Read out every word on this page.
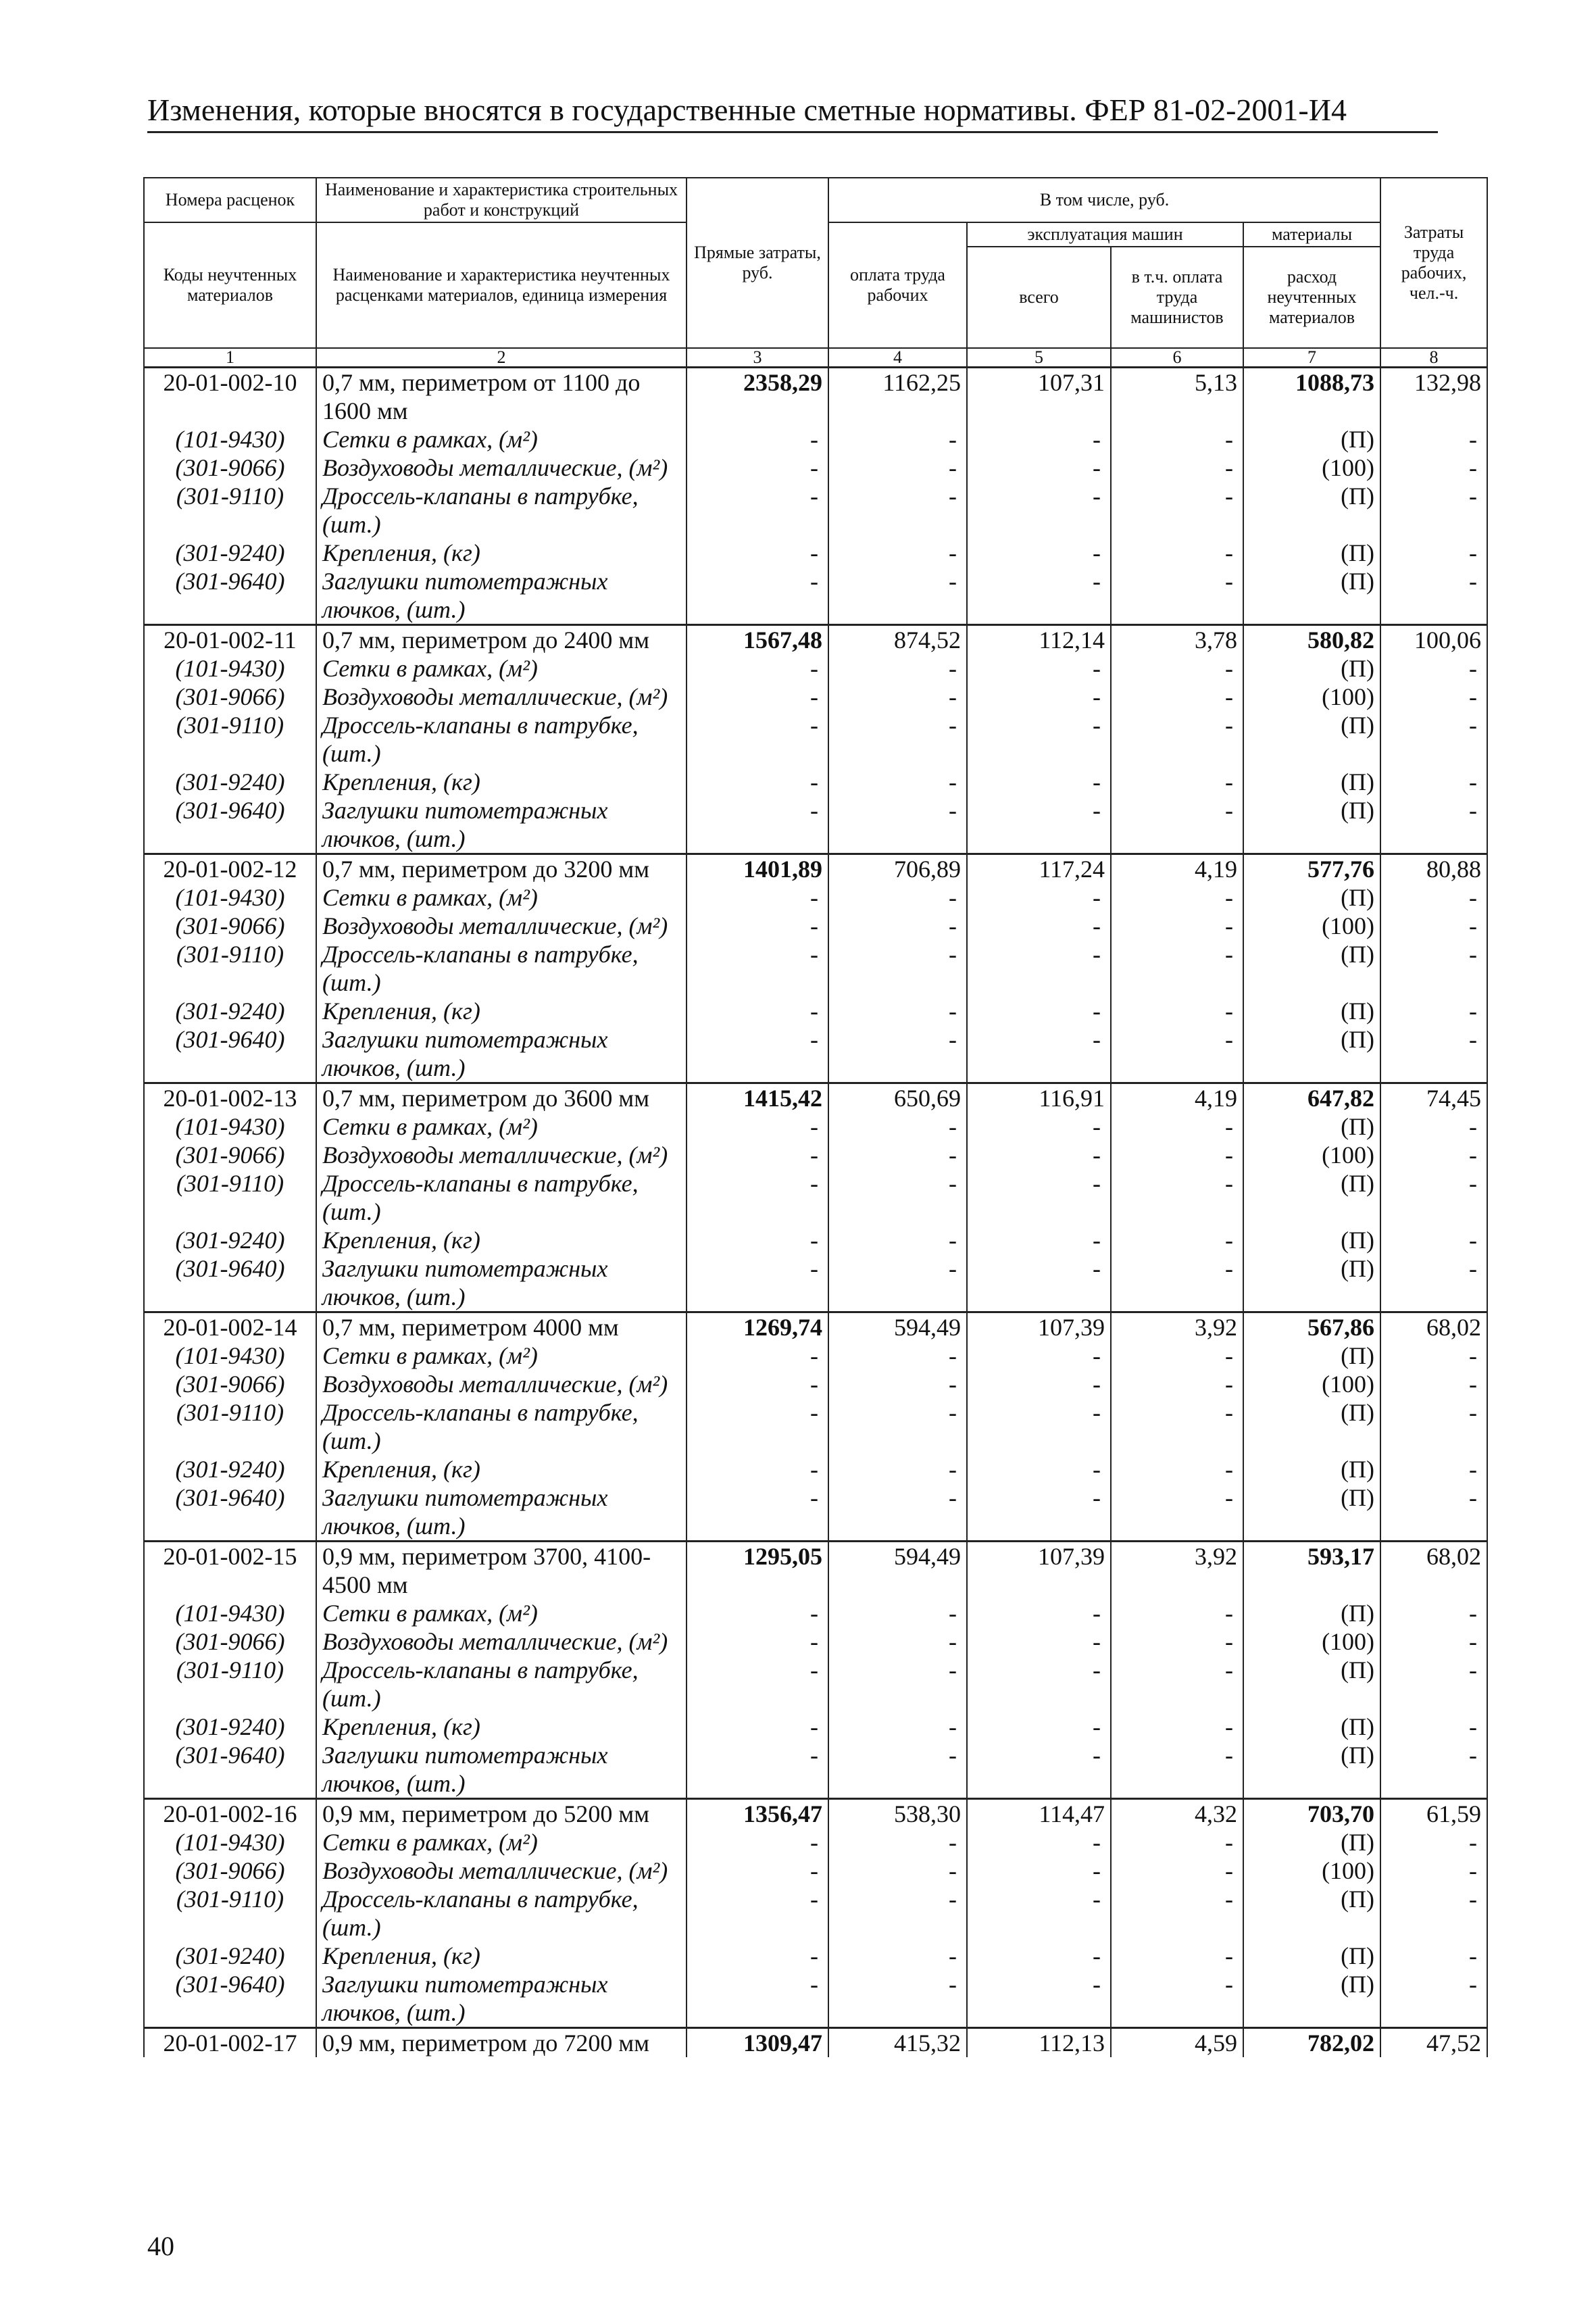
Изменения, которые вносятся в государственные сметные нормативы. ФЕР 81-02-2001-И4
Номера расценок	Наименование и характеристика строительных работ и конструкций	Прямые затраты, руб.	В том числе, руб.				Затраты труда рабочих, чел.-ч.
Коды неучтенных материалов	Наименование и характеристика неучтенных расценками материалов, единица измерения		оплата труда рабочих	эксплуатация машин		материалы	
				всего	в т.ч. оплата труда машинистов	расход неучтенных материалов	
1	2	3	4	5	6	7	8
20-01-002-10	0,7 мм, периметром от 1100 до 1600 мм	2358,29	1162,25	107,31	5,13	1088,73	132,98
(101-9430)	Сетки в рамках, (м²)	-	-	-	-	(П)	-
(301-9066)	Воздуховоды металлические, (м²)	-	-	-	-	(100)	-
(301-9110)	Дроссель-клапаны в патрубке, (шт.)	-	-	-	-	(П)	-
(301-9240)	Крепления, (кг)	-	-	-	-	(П)	-
(301-9640)	Заглушки питометражных лючков, (шт.)	-	-	-	-	(П)	-
20-01-002-11	0,7 мм, периметром до 2400 мм	1567,48	874,52	112,14	3,78	580,82	100,06
(101-9430)	Сетки в рамках, (м²)	-	-	-	-	(П)	-
(301-9066)	Воздуховоды металлические, (м²)	-	-	-	-	(100)	-
(301-9110)	Дроссель-клапаны в патрубке, (шт.)	-	-	-	-	(П)	-
(301-9240)	Крепления, (кг)	-	-	-	-	(П)	-
(301-9640)	Заглушки питометражных лючков, (шт.)	-	-	-	-	(П)	-
20-01-002-12	0,7 мм, периметром до 3200 мм	1401,89	706,89	117,24	4,19	577,76	80,88
(101-9430)	Сетки в рамках, (м²)	-	-	-	-	(П)	-
(301-9066)	Воздуховоды металлические, (м²)	-	-	-	-	(100)	-
(301-9110)	Дроссель-клапаны в патрубке, (шт.)	-	-	-	-	(П)	-
(301-9240)	Крепления, (кг)	-	-	-	-	(П)	-
(301-9640)	Заглушки питометражных лючков, (шт.)	-	-	-	-	(П)	-
20-01-002-13	0,7 мм, периметром до 3600 мм	1415,42	650,69	116,91	4,19	647,82	74,45
(101-9430)	Сетки в рамках, (м²)	-	-	-	-	(П)	-
(301-9066)	Воздуховоды металлические, (м²)	-	-	-	-	(100)	-
(301-9110)	Дроссель-клапаны в патрубке, (шт.)	-	-	-	-	(П)	-
(301-9240)	Крепления, (кг)	-	-	-	-	(П)	-
(301-9640)	Заглушки питометражных лючков, (шт.)	-	-	-	-	(П)	-
20-01-002-14	0,7 мм, периметром 4000 мм	1269,74	594,49	107,39	3,92	567,86	68,02
(101-9430)	Сетки в рамках, (м²)	-	-	-	-	(П)	-
(301-9066)	Воздуховоды металлические, (м²)	-	-	-	-	(100)	-
(301-9110)	Дроссель-клапаны в патрубке, (шт.)	-	-	-	-	(П)	-
(301-9240)	Крепления, (кг)	-	-	-	-	(П)	-
(301-9640)	Заглушки питометражных лючков, (шт.)	-	-	-	-	(П)	-
20-01-002-15	0,9 мм, периметром 3700, 4100-4500 мм	1295,05	594,49	107,39	3,92	593,17	68,02
(101-9430)	Сетки в рамках, (м²)	-	-	-	-	(П)	-
(301-9066)	Воздуховоды металлические, (м²)	-	-	-	-	(100)	-
(301-9110)	Дроссель-клапаны в патрубке, (шт.)	-	-	-	-	(П)	-
(301-9240)	Крепления, (кг)	-	-	-	-	(П)	-
(301-9640)	Заглушки питометражных лючков, (шт.)	-	-	-	-	(П)	-
20-01-002-16	0,9 мм, периметром до 5200 мм	1356,47	538,30	114,47	4,32	703,70	61,59
(101-9430)	Сетки в рамках, (м²)	-	-	-	-	(П)	-
(301-9066)	Воздуховоды металлические, (м²)	-	-	-	-	(100)	-
(301-9110)	Дроссель-клапаны в патрубке, (шт.)	-	-	-	-	(П)	-
(301-9240)	Крепления, (кг)	-	-	-	-	(П)	-
(301-9640)	Заглушки питометражных лючков, (шт.)	-	-	-	-	(П)	-
20-01-002-17	0,9 мм, периметром до 7200 мм	1309,47	415,32	112,13	4,59	782,02	47,52
40
